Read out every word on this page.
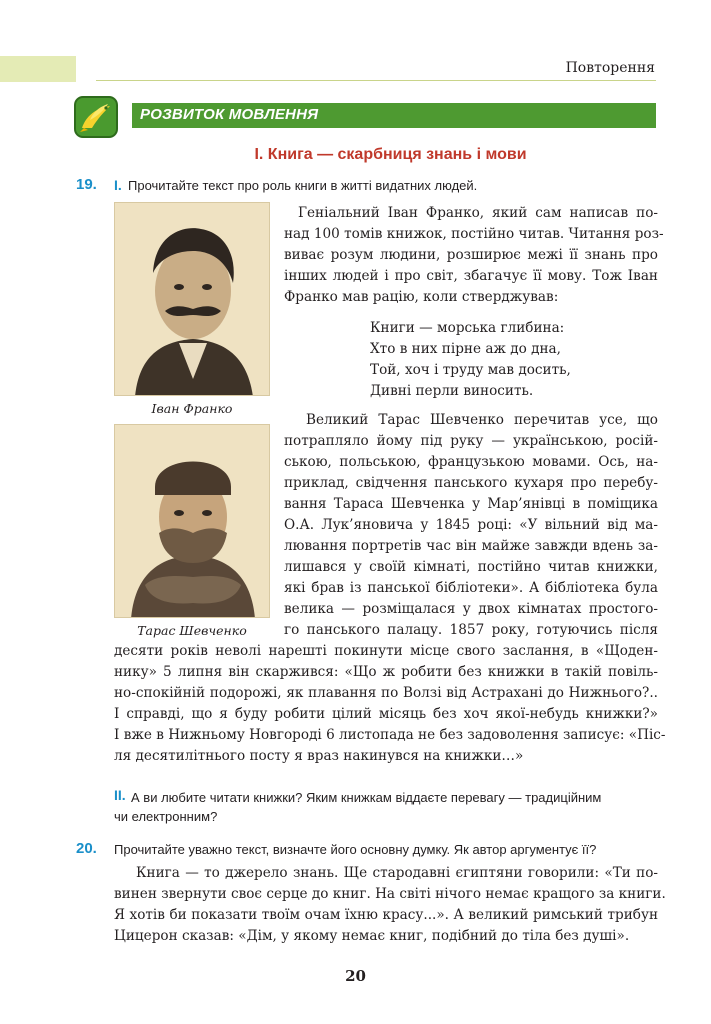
Повторення
РОЗВИТОК МОВЛЕННЯ
І. Книга — скарбниця знань і мови
19. І. Прочитайте текст про роль книги в житті видатних людей.
Іван Франко
Геніальний Іван Франко, який сам написав по-
над 100 томів книжок, постійно читав. Читання роз-
виває розум людини, розширює межі її знань про
інших людей і про світ, збагачує її мову. Тож Іван
Франко мав рацію, коли стверджував:
Книги — морська глибина:
Хто в них пірне аж до дна,
Той, хоч і труду мав досить,
Дивні перли виносить.
Тарас Шевченко
Великий Тарас Шевченко перечитав усе, що
потрапляло йому під руку — українською, росій-
ською, польською, французькою мовами. Ось, на-
приклад, свідчення панського кухаря про перебу-
вання Тараса Шевченка у Мар’янівці в поміщика
О.А. Лук’яновича у 1845 році: «У вільний від ма-
лювання портретів час він майже завжди вдень за-
лишався у своїй кімнаті, постійно читав книжки,
які брав із панської бібліотеки». А бібліотека була
велика — розміщалася у двох кімнатах простого-
го панського палацу. 1857 року, готуючись після
десяти років неволі нарешті покинути місце свого заслання, в «Щоден-
нику» 5 липня він скаржився: «Що ж робити без книжки в такій повіль-
но-спокійній подорожі, як плавання по Волзі від Астрахані до Нижнього?..
І справді, що я буду робити цілий місяць без хоч якої-небудь книжки?»
І вже в Нижньому Новгороді 6 листопада не без задоволення записує: «Піс-
ля десятилітнього посту я враз накинувся на книжки…»
ІІ. А ви любите читати книжки? Яким книжкам віддаєте перевагу — традиційним
чи електронним?
20. Прочитайте уважно текст, визначте його основну думку. Як автор аргументує її?
Книга — то джерело знань. Ще стародавні єгиптяни говорили: «Ти по-
винен звернути своє серце до книг. На світі нічого немає кращого за книги.
Я хотів би показати твоїм очам їхню красу...». А великий римський трибун
Цицерон сказав: «Дім, у якому немає книг, подібний до тіла без душі».
20
